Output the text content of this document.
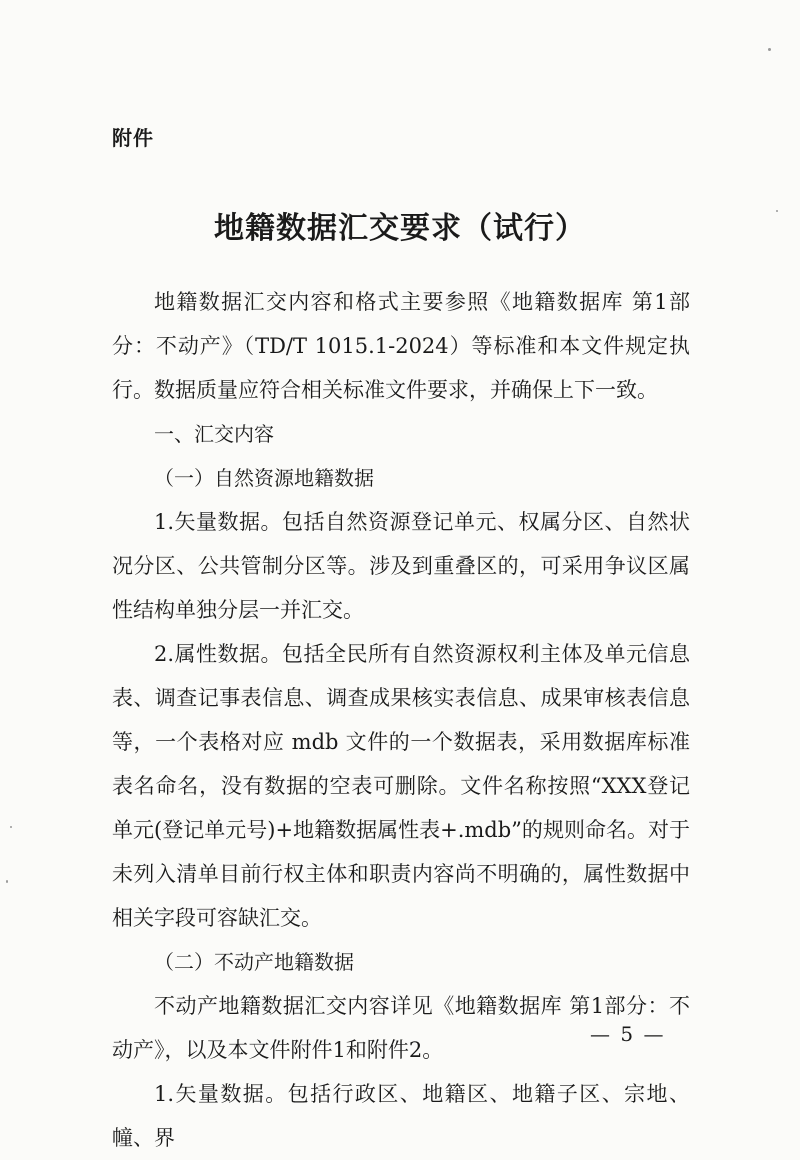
附件
地籍数据汇交要求（试行）

地籍数据汇交内容和格式主要参照《地籍数据库 第1部分：不动产》（TD/T 1015.1-2024）等标准和本文件规定执行。数据质量应符合相关标准文件要求，并确保上下一致。

一、汇交内容

（一）自然资源地籍数据

1.矢量数据。包括自然资源登记单元、权属分区、自然状况分区、公共管制分区等。涉及到重叠区的，可采用争议区属性结构单独分层一并汇交。

2.属性数据。包括全民所有自然资源权利主体及单元信息表、调查记事表信息、调查成果核实表信息、成果审核表信息等，一个表格对应 mdb 文件的一个数据表，采用数据库标准表名命名，没有数据的空表可删除。文件名称按照“XXX登记单元(登记单元号)+地籍数据属性表+.mdb”的规则命名。对于未列入清单目前行权主体和职责内容尚不明确的，属性数据中相关字段可容缺汇交。

（二）不动产地籍数据

不动产地籍数据汇交内容详见《地籍数据库 第1部分：不动产》，以及本文件附件1和附件2。

1.矢量数据。包括行政区、地籍区、地籍子区、宗地、幢、界

— 5 —
